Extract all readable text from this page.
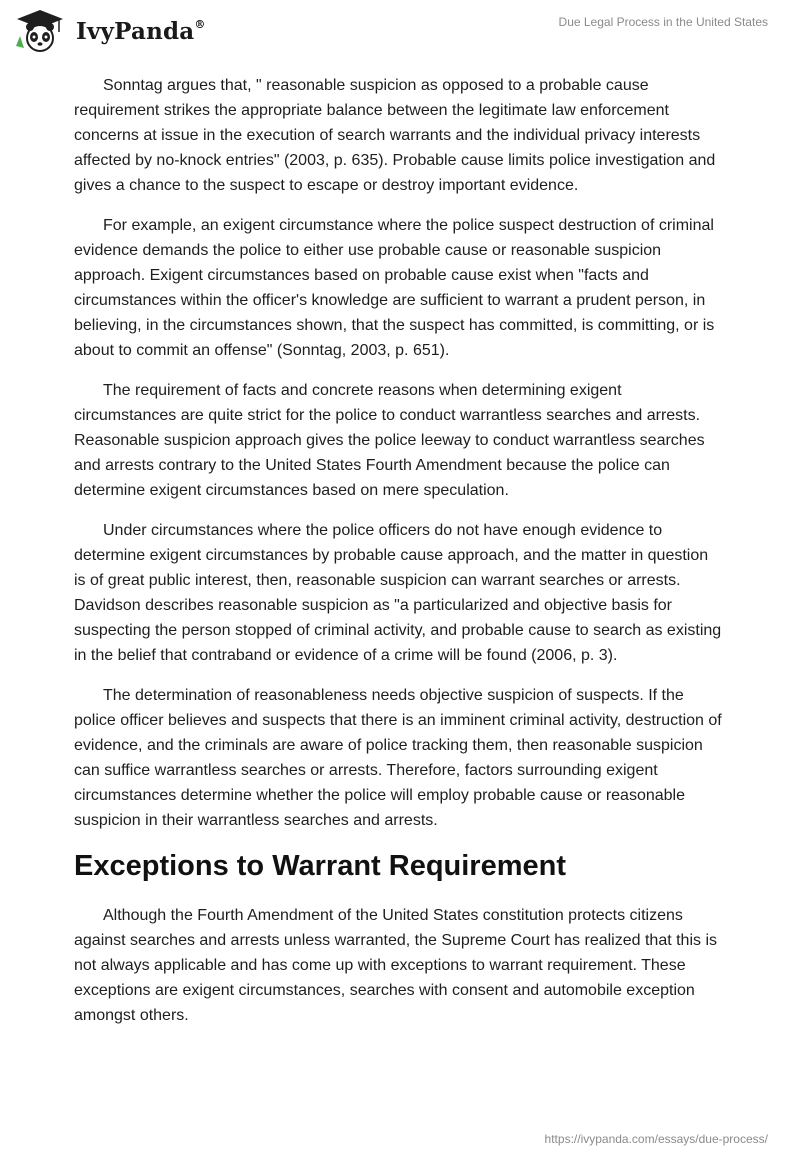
IvyPanda®	Due Legal Process in the United States

Sonntag argues that, " reasonable suspicion as opposed to a probable cause requirement strikes the appropriate balance between the legitimate law enforcement concerns at issue in the execution of search warrants and the individual privacy interests affected by no-knock entries" (2003, p. 635). Probable cause limits police investigation and gives a chance to the suspect to escape or destroy important evidence.

For example, an exigent circumstance where the police suspect destruction of criminal evidence demands the police to either use probable cause or reasonable suspicion approach. Exigent circumstances based on probable cause exist when "facts and circumstances within the officer's knowledge are sufficient to warrant a prudent person, in believing, in the circumstances shown, that the suspect has committed, is committing, or is about to commit an offense" (Sonntag, 2003, p. 651).

The requirement of facts and concrete reasons when determining exigent circumstances are quite strict for the police to conduct warrantless searches and arrests. Reasonable suspicion approach gives the police leeway to conduct warrantless searches and arrests contrary to the United States Fourth Amendment because the police can determine exigent circumstances based on mere speculation.

Under circumstances where the police officers do not have enough evidence to determine exigent circumstances by probable cause approach, and the matter in question is of great public interest, then, reasonable suspicion can warrant searches or arrests. Davidson describes reasonable suspicion as "a particularized and objective basis for suspecting the person stopped of criminal activity, and probable cause to search as existing in the belief that contraband or evidence of a crime will be found (2006, p. 3).

The determination of reasonableness needs objective suspicion of suspects. If the police officer believes and suspects that there is an imminent criminal activity, destruction of evidence, and the criminals are aware of police tracking them, then reasonable suspicion can suffice warrantless searches or arrests. Therefore, factors surrounding exigent circumstances determine whether the police will employ probable cause or reasonable suspicion in their warrantless searches and arrests.

Exceptions to Warrant Requirement

Although the Fourth Amendment of the United States constitution protects citizens against searches and arrests unless warranted, the Supreme Court has realized that this is not always applicable and has come up with exceptions to warrant requirement. These exceptions are exigent circumstances, searches with consent and automobile exception amongst others.

https://ivypanda.com/essays/due-process/
